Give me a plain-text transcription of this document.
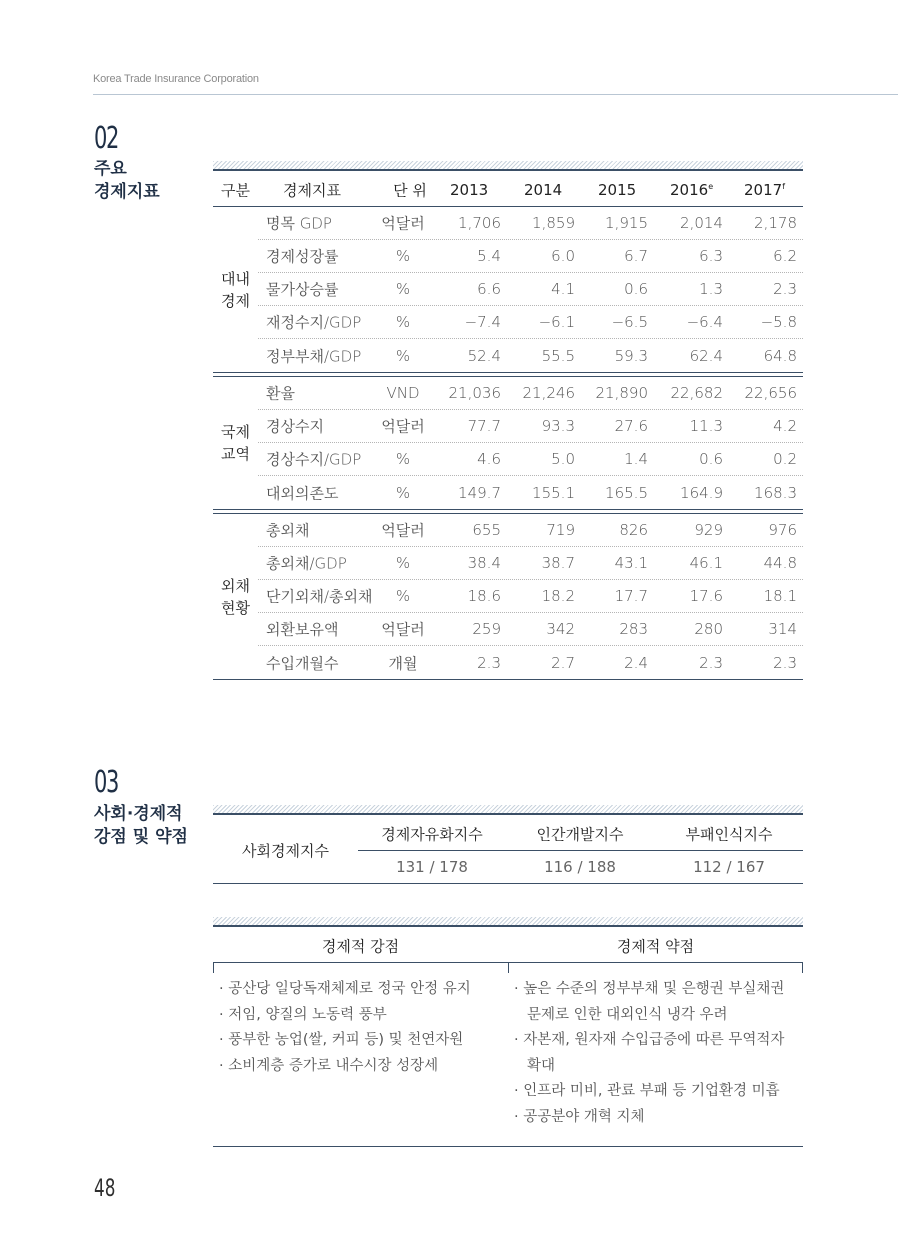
Korea Trade Insurance Corporation
02
주요
경제지표	구분	경제지표	단 위	2013 2014 2015 2016e 2017$^f$
대내
경제
명목 GDP	억달러 1,706 1,859 1,915 2,014 2,178
경제성장률	%	5.4	6.0	6.7	6.3	6.2
물가상승률	%	6.6	4.1	0.6	1.3	2.3
재정수지/GDP	%	−7.4	−6.1 −6.5	−6.4	−5.8
정부부채/GDP	%	52.4	55.5	59.3	62.4	64.8
국제
교역
환율	VND	21,036 21,246 21,890 22,682 22,656
경상수지	억달러	77.7	93.3	27.6	11.3	4.2
경상수지/GDP	%	4.6	5.0	1.4	0.6	0.2
대외의존도	%	149.7 155.1 165.5 164.9 168.3
외채
현황
총외채	억달러	655	719	826	929	976
총외채/GDP	%	38.4	38.7	43.1	46.1	44.8
단기외채/총외채	%	18.6	18.2	17.7	17.6	18.1
외환보유액	억달러	259	342	283	280	314
수입개월수	개월	2.3	2.7	2.4	2.3	2.3
03
사회·경제적
강점 및 약점
사회경제지수
경제자유화지수	인간개발지수	부패인식지수
131 / 178	116 / 188	112 / 167
경제적 강점	경제적 약점
· 공산당 일당독재체제로 정국 안정 유지
· 저임, 양질의 노동력 풍부
· 풍부한 농업(쌀, 커피 등) 및 천연자원
· 소비계층 증가로 내수시장 성장세
· 높은 수준의 정부부채 및 은행권 부실채권
문제로 인한 대외인식 냉각 우려
· 자본재, 원자재 수입급증에 따른 무역적자
확대
· 인프라 미비, 관료 부패 등 기업환경 미흡
· 공공분야 개혁 지체
48
